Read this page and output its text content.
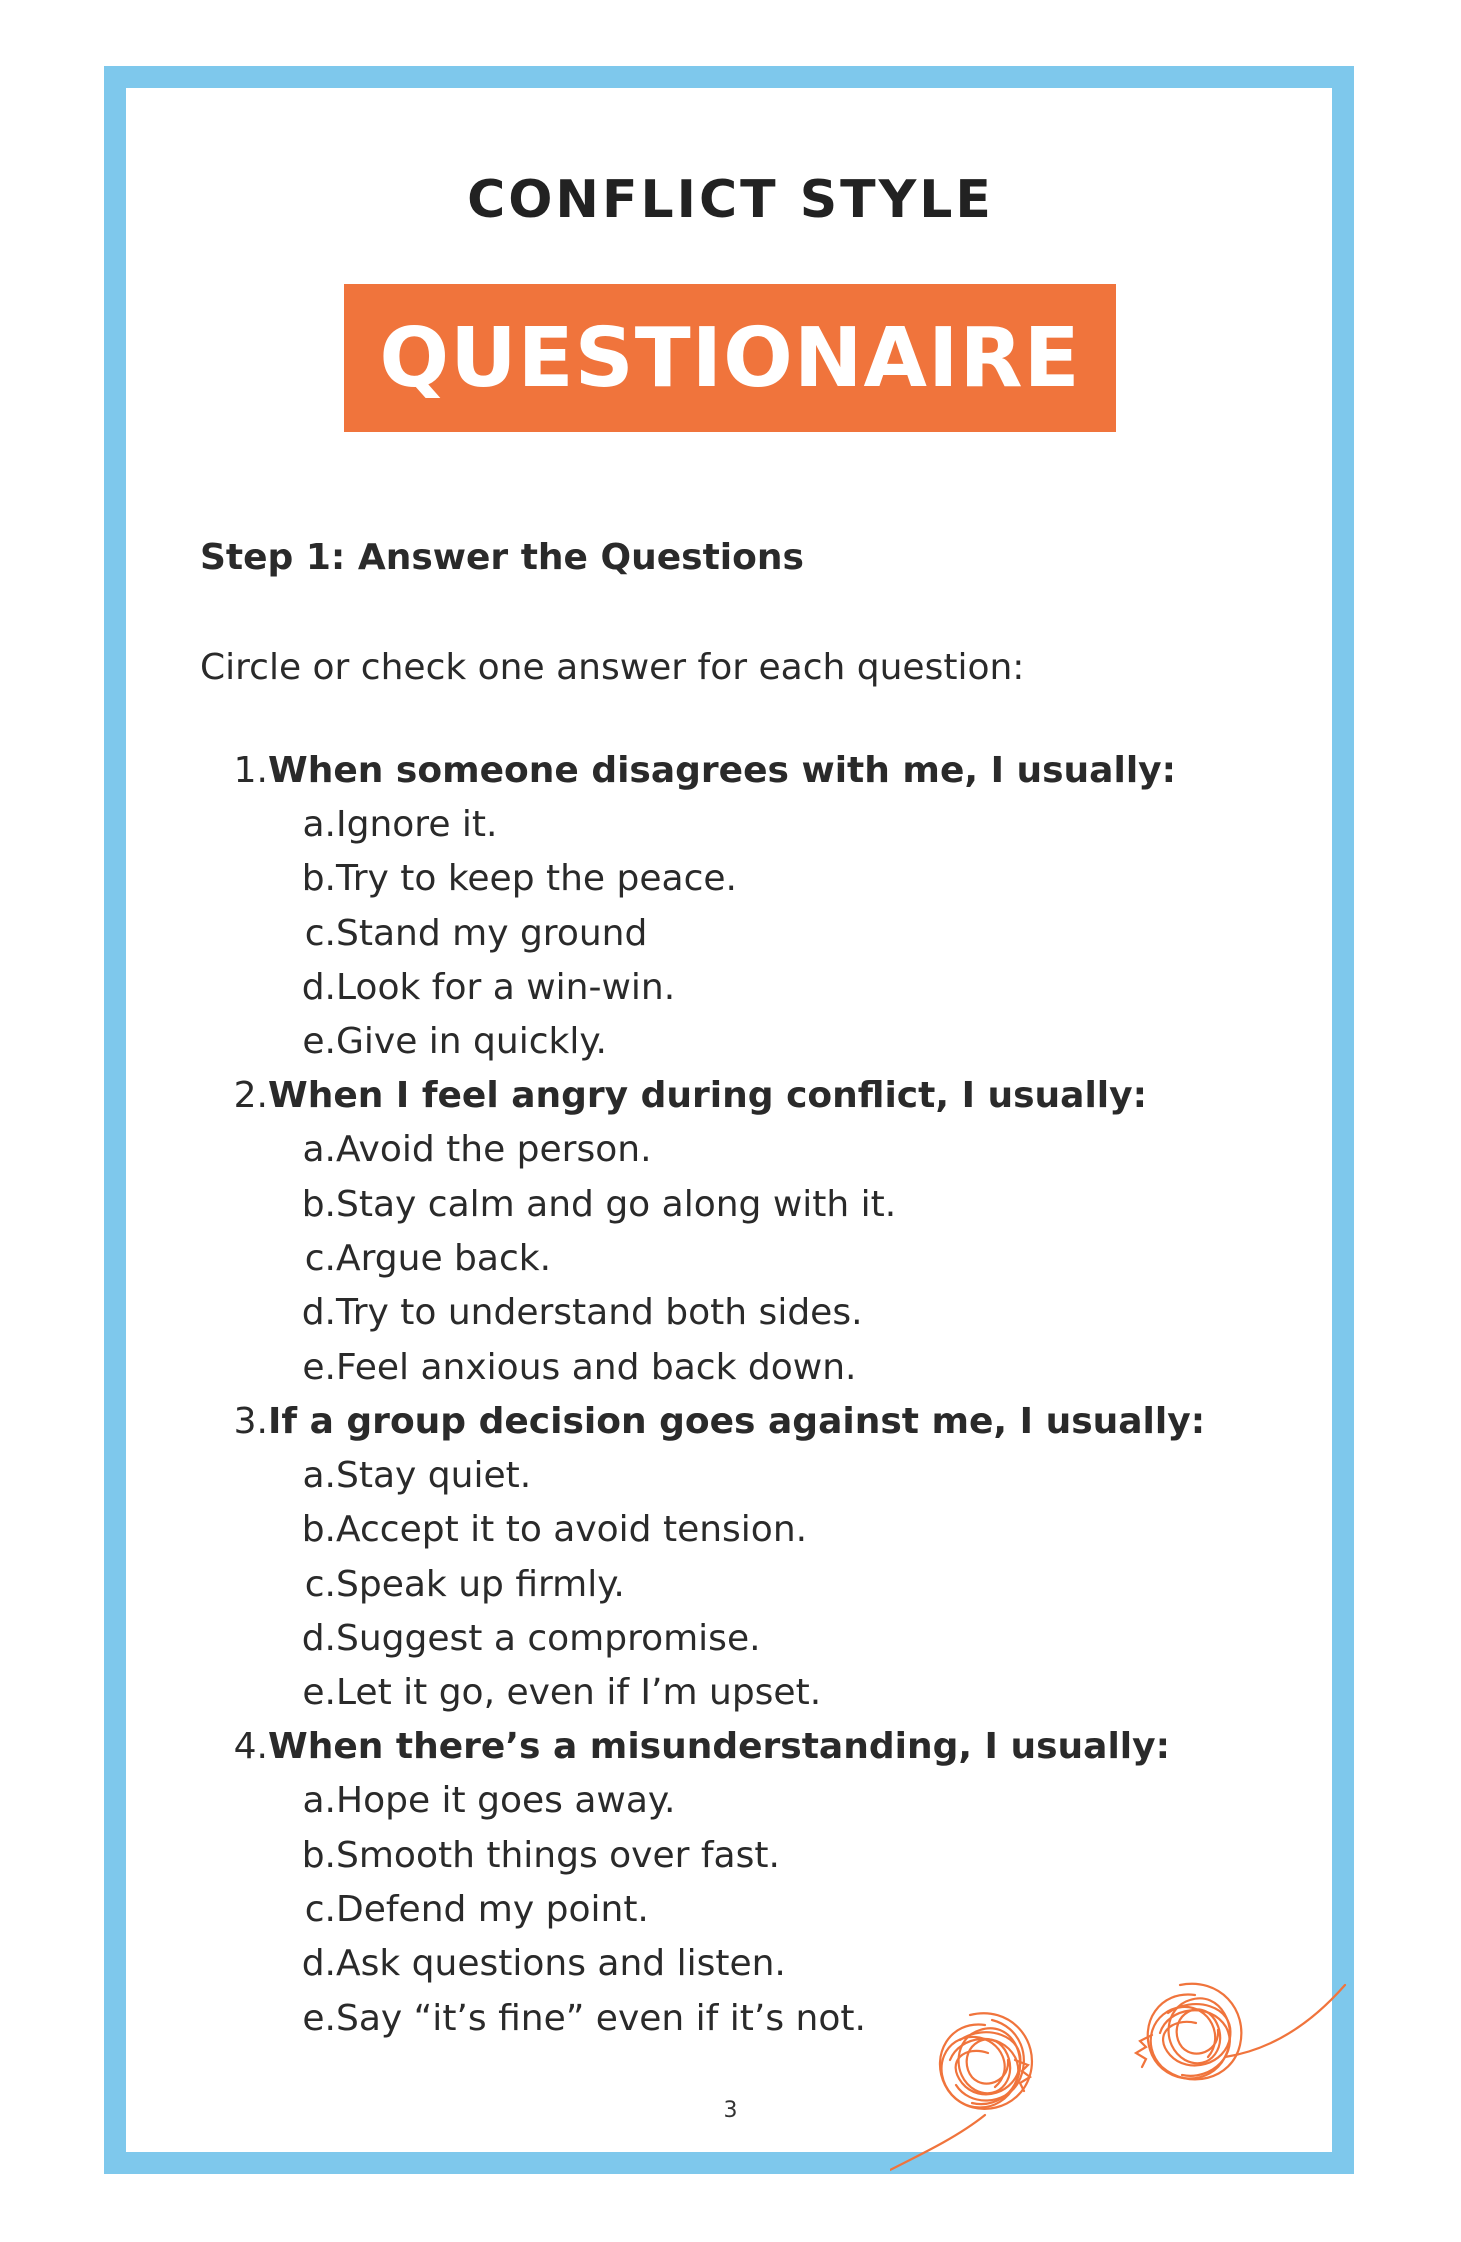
CONFLICT STYLE
QUESTIONAIRE

Step 1: Answer the Questions

Circle or check one answer for each question:

1. When someone disagrees with me, I usually:
a. Ignore it.
b. Try to keep the peace.
c. Stand my ground
d. Look for a win-win.
e. Give in quickly.
2. When I feel angry during conflict, I usually:
a. Avoid the person.
b. Stay calm and go along with it.
c. Argue back.
d. Try to understand both sides.
e. Feel anxious and back down.
3. If a group decision goes against me, I usually:
a. Stay quiet.
b. Accept it to avoid tension.
c. Speak up firmly.
d. Suggest a compromise.
e. Let it go, even if I’m upset.
4. When there’s a misunderstanding, I usually:
a. Hope it goes away.
b. Smooth things over fast.
c. Defend my point.
d. Ask questions and listen.
e. Say “it’s fine” even if it’s not.
3
